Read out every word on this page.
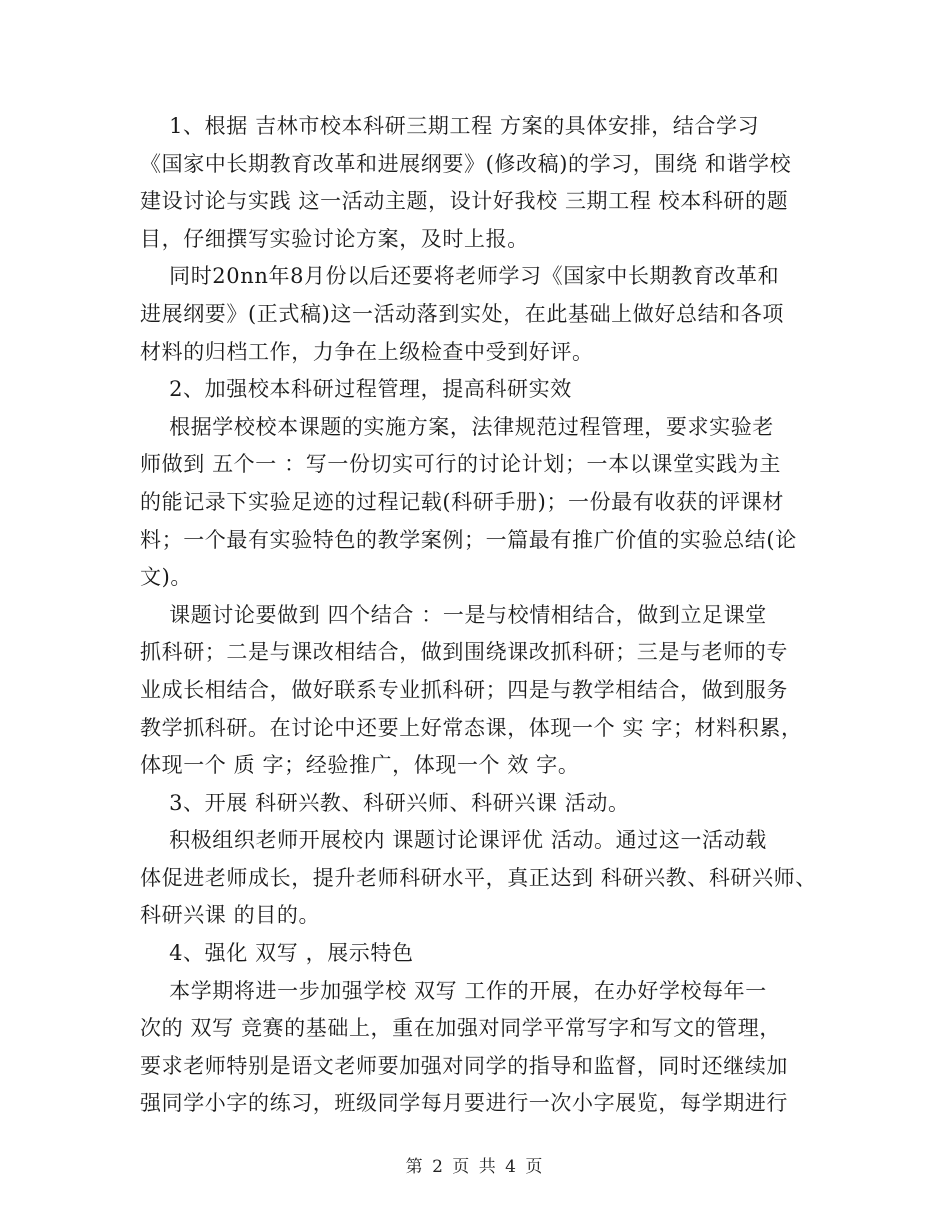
1、根据 吉林市校本科研三期工程 方案的具体安排，结合学习
《国家中长期教育改革和进展纲要》(修改稿)的学习，围绕 和谐学校
建设讨论与实践 这一活动主题，设计好我校 三期工程 校本科研的题
目，仔细撰写实验讨论方案，及时上报。
同时20nn年8月份以后还要将老师学习《国家中长期教育改革和
进展纲要》(正式稿)这一活动落到实处，在此基础上做好总结和各项
材料的归档工作，力争在上级检查中受到好评。
2、加强校本科研过程管理，提高科研实效
根据学校校本课题的实施方案，法律规范过程管理，要求实验老
师做到 五个一 ：写一份切实可行的讨论计划；一本以课堂实践为主
的能记录下实验足迹的过程记载(科研手册)；一份最有收获的评课材
料；一个最有实验特色的教学案例；一篇最有推广价值的实验总结(论
文)。
课题讨论要做到 四个结合 ：一是与校情相结合，做到立足课堂
抓科研；二是与课改相结合，做到围绕课改抓科研；三是与老师的专
业成长相结合，做好联系专业抓科研；四是与教学相结合，做到服务
教学抓科研。在讨论中还要上好常态课，体现一个 实 字；材料积累，
体现一个 质 字；经验推广，体现一个 效 字。
3、开展 科研兴教、科研兴师、科研兴课 活动。
积极组织老师开展校内 课题讨论课评优 活动。通过这一活动载
体促进老师成长，提升老师科研水平，真正达到 科研兴教、科研兴师、
科研兴课 的目的。
4、强化 双写 ，展示特色
本学期将进一步加强学校 双写 工作的开展，在办好学校每年一
次的 双写 竞赛的基础上，重在加强对同学平常写字和写文的管理，
要求老师特别是语文老师要加强对同学的指导和监督，同时还继续加
强同学小字的练习，班级同学每月要进行一次小字展览，每学期进行
第 2 页 共 4 页
